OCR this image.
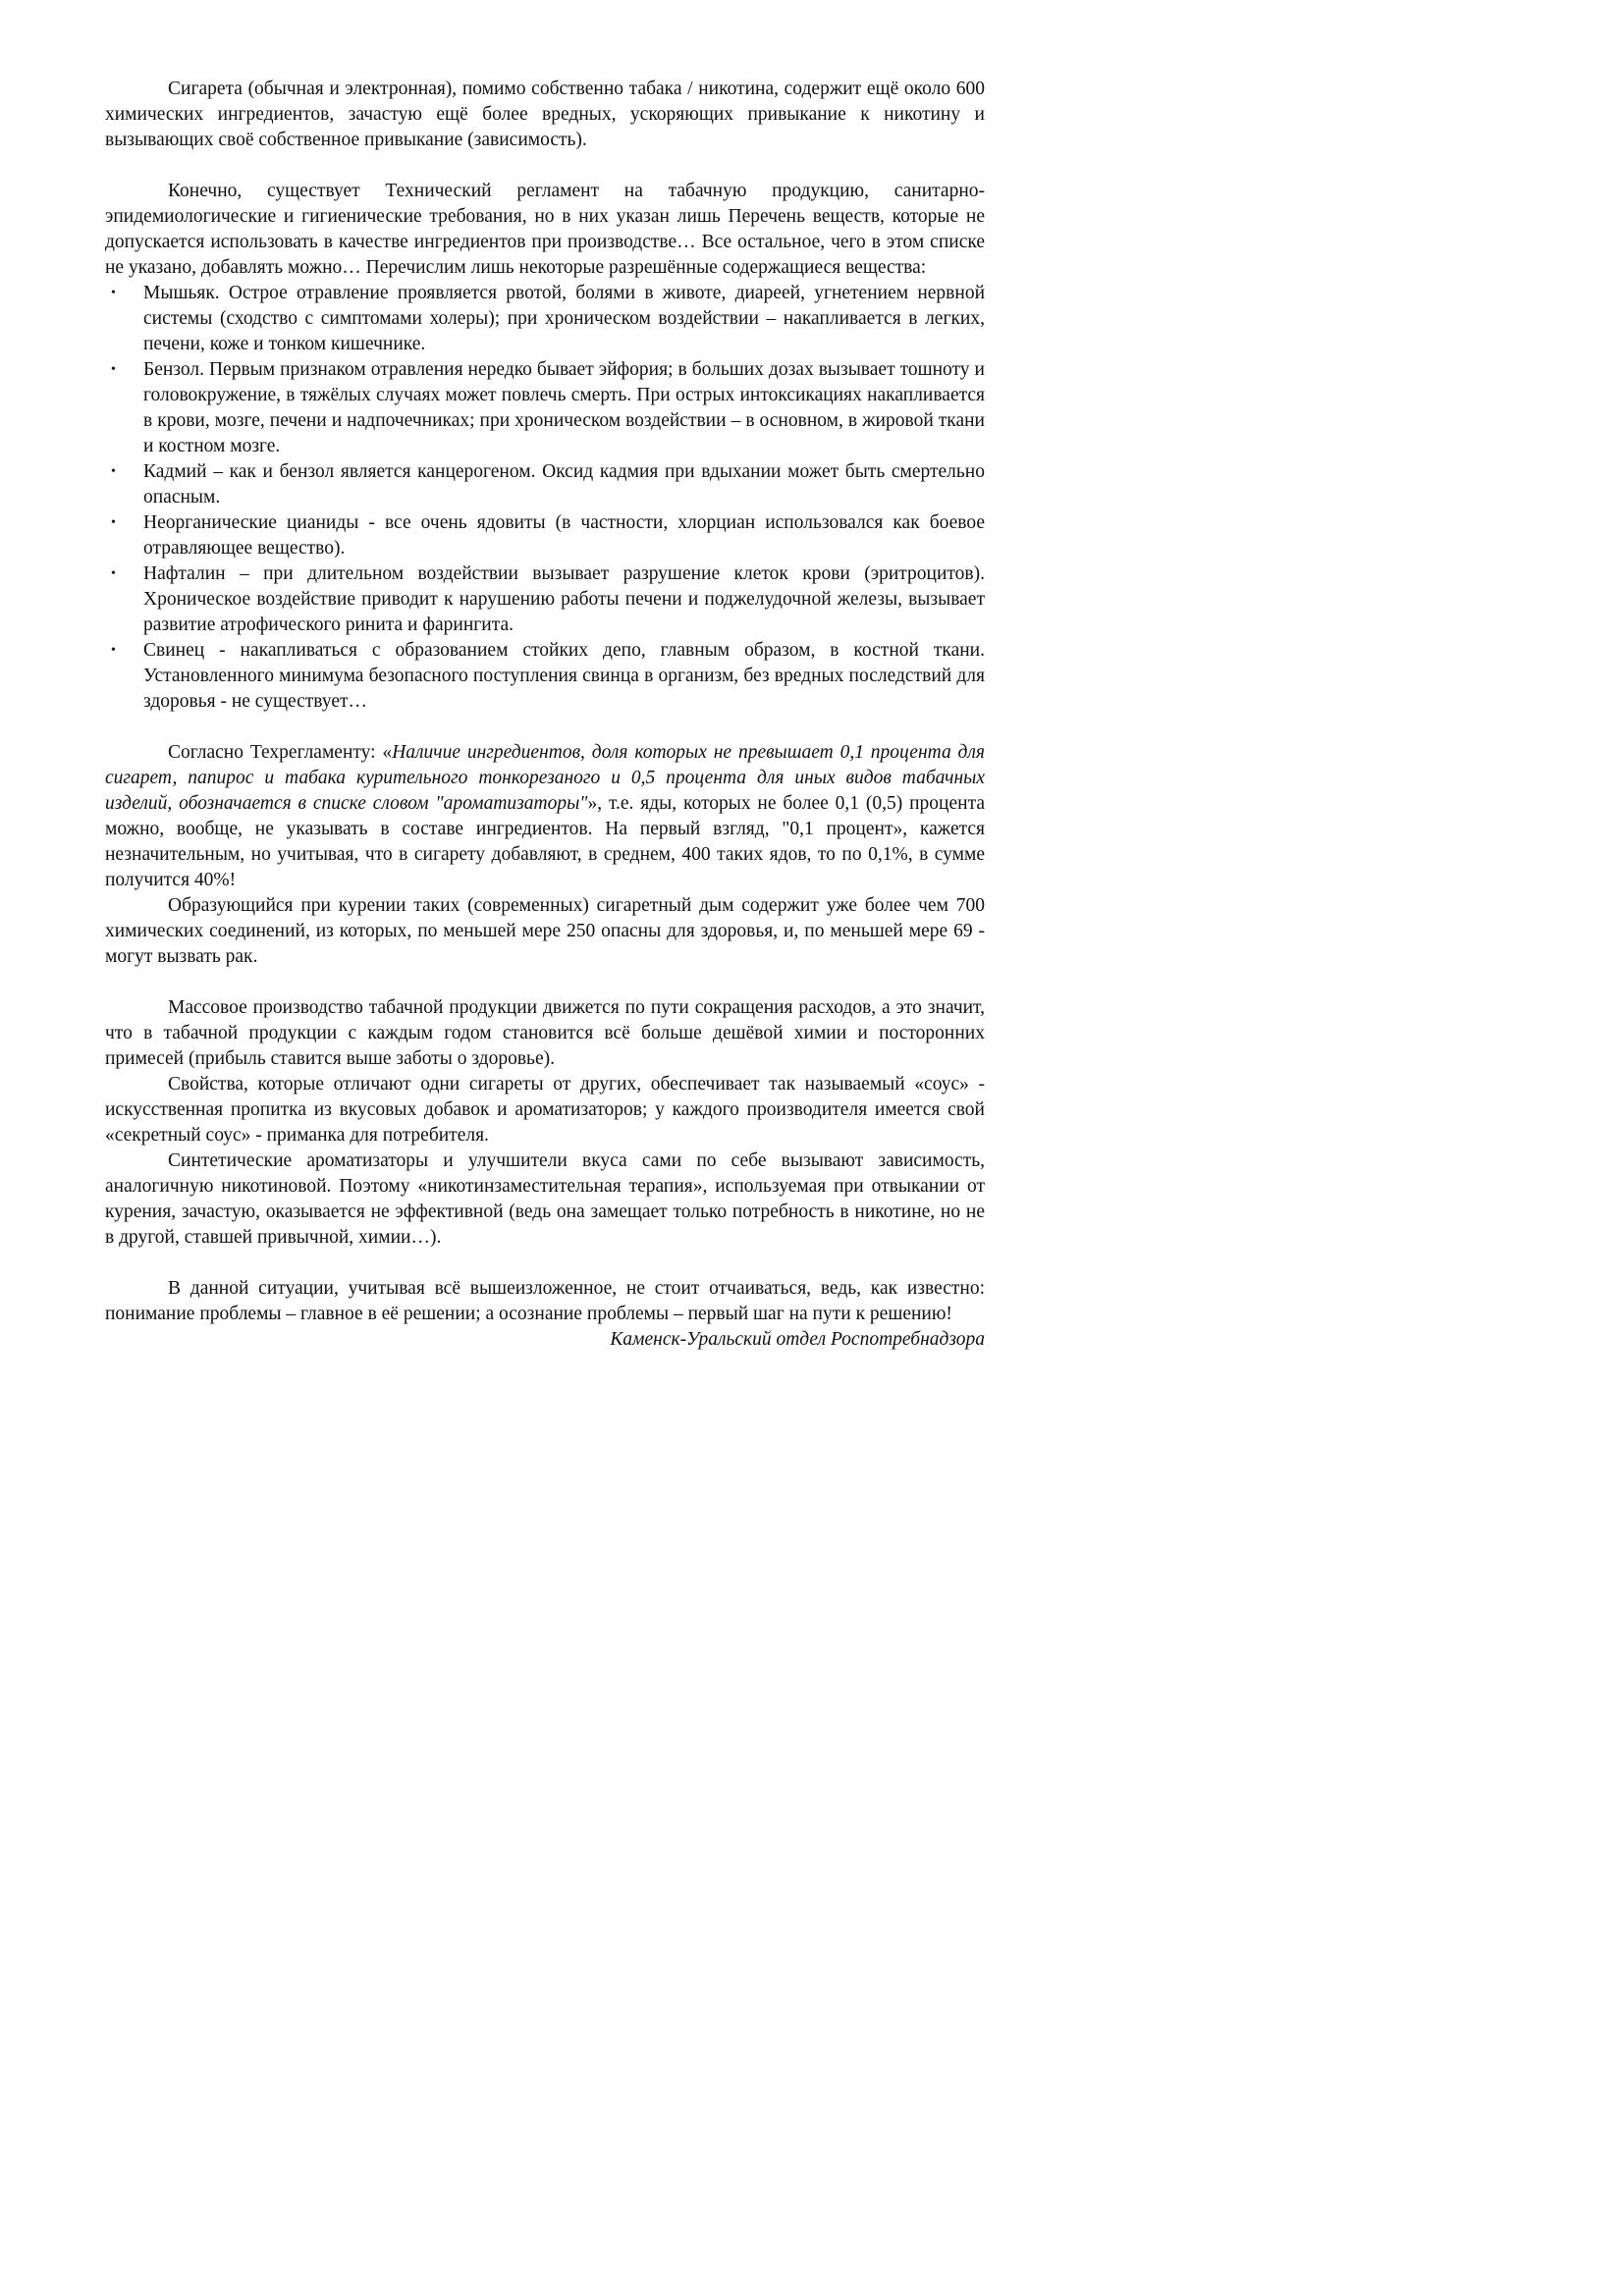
Сигарета (обычная и электронная), помимо собственно табака / никотина, содержит ещё около 600 химических ингредиентов, зачастую ещё более вредных, ускоряющих привыкание к никотину и вызывающих своё собственное привыкание (зависимость).

Конечно, существует Технический регламент на табачную продукцию, санитарно-эпидемиологические и гигиенические требования, но в них указан лишь Перечень веществ, которые не допускается использовать в качестве ингредиентов при производстве… Все остальное, чего в этом списке не указано, добавлять можно… Перечислим лишь некоторые разрешённые содержащиеся вещества:

• Мышьяк. Острое отравление проявляется рвотой, болями в животе, диареей, угнетением нервной системы (сходство с симптомами холеры); при хроническом воздействии – накапливается в легких, печени, коже и тонком кишечнике.
• Бензол. Первым признаком отравления нередко бывает эйфория; в больших дозах вызывает тошноту и головокружение, в тяжёлых случаях может повлечь смерть. При острых интоксикациях накапливается в крови, мозге, печени и надпочечниках; при хроническом воздействии – в основном, в жировой ткани и костном мозге.
• Кадмий – как и бензол является канцерогеном. Оксид кадмия при вдыхании может быть смертельно опасным.
• Неорганические цианиды - все очень ядовиты (в частности, хлорциан использовался как боевое отравляющее вещество).
• Нафталин – при длительном воздействии вызывает разрушение клеток крови (эритроцитов). Хроническое воздействие приводит к нарушению работы печени и поджелудочной железы, вызывает развитие атрофического ринита и фарингита.
• Свинец - накапливаться с образованием стойких депо, главным образом, в костной ткани. Установленного минимума безопасного поступления свинца в организм, без вредных последствий для здоровья - не существует…

Согласно Техрегламенту: «Наличие ингредиентов, доля которых не превышает 0,1 процента для сигарет, папирос и табака курительного тонкорезаного и 0,5 процента для иных видов табачных изделий, обозначается в списке словом "ароматизаторы"», т.е. яды, которых не более 0,1 (0,5) процента можно, вообще, не указывать в составе ингредиентов. На первый взгляд, "0,1 процент», кажется незначительным, но учитывая, что в сигарету добавляют, в среднем, 400 таких ядов, то по 0,1%, в сумме получится 40%!

Образующийся при курении таких (современных) сигаретный дым содержит уже более чем 700 химических соединений, из которых, по меньшей мере 250 опасны для здоровья, и, по меньшей мере 69 - могут вызвать рак.

Массовое производство табачной продукции движется по пути сокращения расходов, а это значит, что в табачной продукции с каждым годом становится всё больше дешёвой химии и посторонних примесей (прибыль ставится выше заботы о здоровье).

Свойства, которые отличают одни сигареты от других, обеспечивает так называемый «соус» - искусственная пропитка из вкусовых добавок и ароматизаторов; у каждого производителя имеется свой «секретный соус» - приманка для потребителя.

Синтетические ароматизаторы и улучшители вкуса сами по себе вызывают зависимость, аналогичную никотиновой. Поэтому «никотинзаместительная терапия», используемая при отвыкании от курения, зачастую, оказывается не эффективной (ведь она замещает только потребность в никотине, но не в другой, ставшей привычной, химии…).

В данной ситуации, учитывая всё вышеизложенное, не стоит отчаиваться, ведь, как известно: понимание проблемы – главное в её решении; а осознание проблемы – первый шаг на пути к решению!

Каменск-Уральский отдел Роспотребнадзора
